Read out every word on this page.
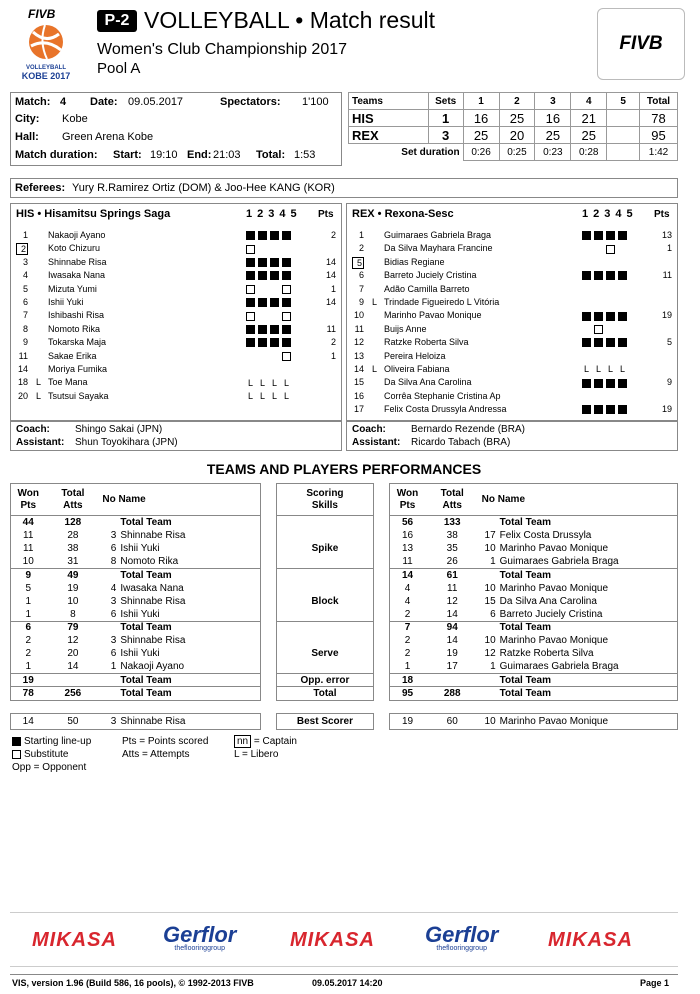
FIVB
VOLLEYBALL
KOBE 2017
P-2 VOLLEYBALL • Match result
Women's Club Championship 2017
Pool A
FIVB
Match: 4 Date: 09.05.2017	Spectators: 1'100
City: Kobe
Hall: Green Arena Kobe
Match duration: Start: 19:10 End: 21:03 Total: 1:53
Teams	Sets	1	2	3	4	5	Total
HIS	1	16	25	16	21		78
REX	3	25	20	25	25		95
Set duration		0:26	0:25	0:23	0:28		1:42
Referees: Yury R.Ramirez Ortiz (DOM) & Joo-Hee KANG (KOR)
HIS • Hisamitsu Springs Saga	12345 Pts
1 Nakaoji Ayano	2
2 Koto Chizuru
3 Shinnabe Risa	14
4 Iwasaka Nana	14
5 Mizuta Yumi	1
6 Ishii Yuki	14
7 Ishibashi Risa
8 Nomoto Rika	11
9 Tokarska Maja	2
11 Sakae Erika	1
14 Moriya Fumika
18 L Toe Mana	L L L L
20 L Tsutsui Sayaka	L L L L
Coach:	Shingo Sakai (JPN)
Assistant: Shun Toyokihara (JPN)
REX • Rexona-Sesc	12345 Pts
1 Guimaraes Gabriela Braga	13
2 Da Silva Mayhara Francine	1
5 Bidias Regiane
6 Barreto Juciely Cristina	11
7 Adão Camilla Barreto
9 L Trindade Figueiredo L Vitória
10 Marinho Pavao Monique	19
11 Buijs Anne
12 Ratzke Roberta Silva	5
13 Pereira Heloiza
14 L Oliveira Fabiana	L L L L
15 Da Silva Ana Carolina	9
16 Corrêa Stephanie Cristina Ap
17 Felix Costa Drussyla Andressa	19
Coach:	Bernardo Rezende (BRA)
Assistant: Ricardo Tabach (BRA)
TEAMS AND PLAYERS PERFORMANCES
Won
Pts	Total
Atts	No Name		Scoring
Skills		Won
Pts	Total
Atts	No Name
44	128	Total Team				56	133	Total Team
11	28	3 Shinnabe Risa				16	38	17 Felix Costa Drussyla
11	38	6 Ishii Yuki		Spike		13	35	10 Marinho Pavao Monique
10	31	8 Nomoto Rika				11	26	1 Guimaraes Gabriela Braga
9	49	Total Team				14	61	Total Team
5	19	4 Iwasaka Nana				4	11	10 Marinho Pavao Monique
1	10	3 Shinnabe Risa		Block		4	12	15 Da Silva Ana Carolina
1	8	6 Ishii Yuki				2	14	6 Barreto Juciely Cristina
6	79	Total Team				7	94	Total Team
2	12	3 Shinnabe Risa				2	14	10 Marinho Pavao Monique
2	20	6 Ishii Yuki		Serve		2	19	12 Ratzke Roberta Silva
1	14	1 Nakaoji Ayano				1	17	1 Guimaraes Gabriela Braga
19		Total Team		Opp. error		18		Total Team
78	256	Total Team		Total		95	288	Total Team

14	50	3 Shinnabe Risa		Best Scorer		19	60	10 Marinho Pavao Monique
Starting line-up
Substitute
Opp = Opponent
Pts = Points scored
Atts = Attempts
nn = Captain
L = Libero
MIKASA Gerflor
theflooringgroup	MIKASA Gerflor
theflooringgroup	MIKASA
VIS, version 1.96 (Build 586, 16 pools), © 1992-2013 FIVB	09.05.2017 14:20	Page 1
